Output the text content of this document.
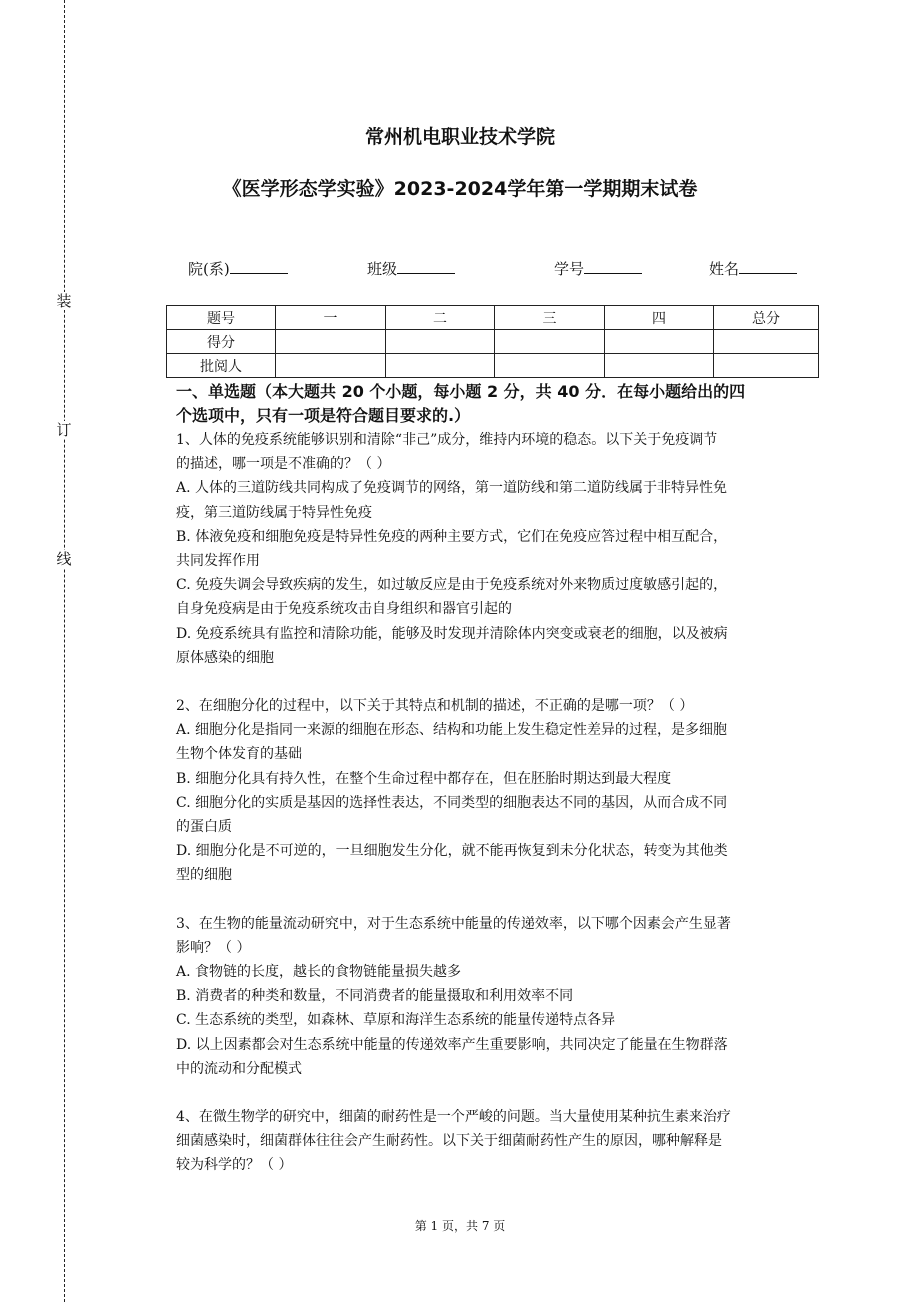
装
订
线
常州机电职业技术学院
《医学形态学实验》2023-2024学年第一学期期末试卷
院(系)	班级	学号	姓名
题号	一	二	三	四	总分
得分					
批阅人					

一、单选题（本大题共 20 个小题，每小题 2 分，共 40 分．在每小题给出的四

个选项中，只有一项是符合题目要求的.）

1、人体的免疫系统能够识别和清除“非己”成分，维持内环境的稳态。以下关于免疫调节

的描述，哪一项是不准确的？（ ）

A. 人体的三道防线共同构成了免疫调节的网络，第一道防线和第二道防线属于非特异性免

疫，第三道防线属于特异性免疫

B. 体液免疫和细胞免疫是特异性免疫的两种主要方式，它们在免疫应答过程中相互配合，

共同发挥作用

C. 免疫失调会导致疾病的发生，如过敏反应是由于免疫系统对外来物质过度敏感引起的，

自身免疫病是由于免疫系统攻击自身组织和器官引起的

D. 免疫系统具有监控和清除功能，能够及时发现并清除体内突变或衰老的细胞，以及被病

原体感染的细胞

2、在细胞分化的过程中，以下关于其特点和机制的描述，不正确的是哪一项？（ ）

A. 细胞分化是指同一来源的细胞在形态、结构和功能上发生稳定性差异的过程，是多细胞

生物个体发育的基础

B. 细胞分化具有持久性，在整个生命过程中都存在，但在胚胎时期达到最大程度

C. 细胞分化的实质是基因的选择性表达，不同类型的细胞表达不同的基因，从而合成不同

的蛋白质

D. 细胞分化是不可逆的，一旦细胞发生分化，就不能再恢复到未分化状态，转变为其他类

型的细胞

3、在生物的能量流动研究中，对于生态系统中能量的传递效率，以下哪个因素会产生显著

影响？（ ）

A. 食物链的长度，越长的食物链能量损失越多

B. 消费者的种类和数量，不同消费者的能量摄取和利用效率不同

C. 生态系统的类型，如森林、草原和海洋生态系统的能量传递特点各异

D. 以上因素都会对生态系统中能量的传递效率产生重要影响，共同决定了能量在生物群落

中的流动和分配模式

4、在微生物学的研究中，细菌的耐药性是一个严峻的问题。当大量使用某种抗生素来治疗

细菌感染时，细菌群体往往会产生耐药性。以下关于细菌耐药性产生的原因，哪种解释是

较为科学的？（ ）

第 1 页，共 7 页
